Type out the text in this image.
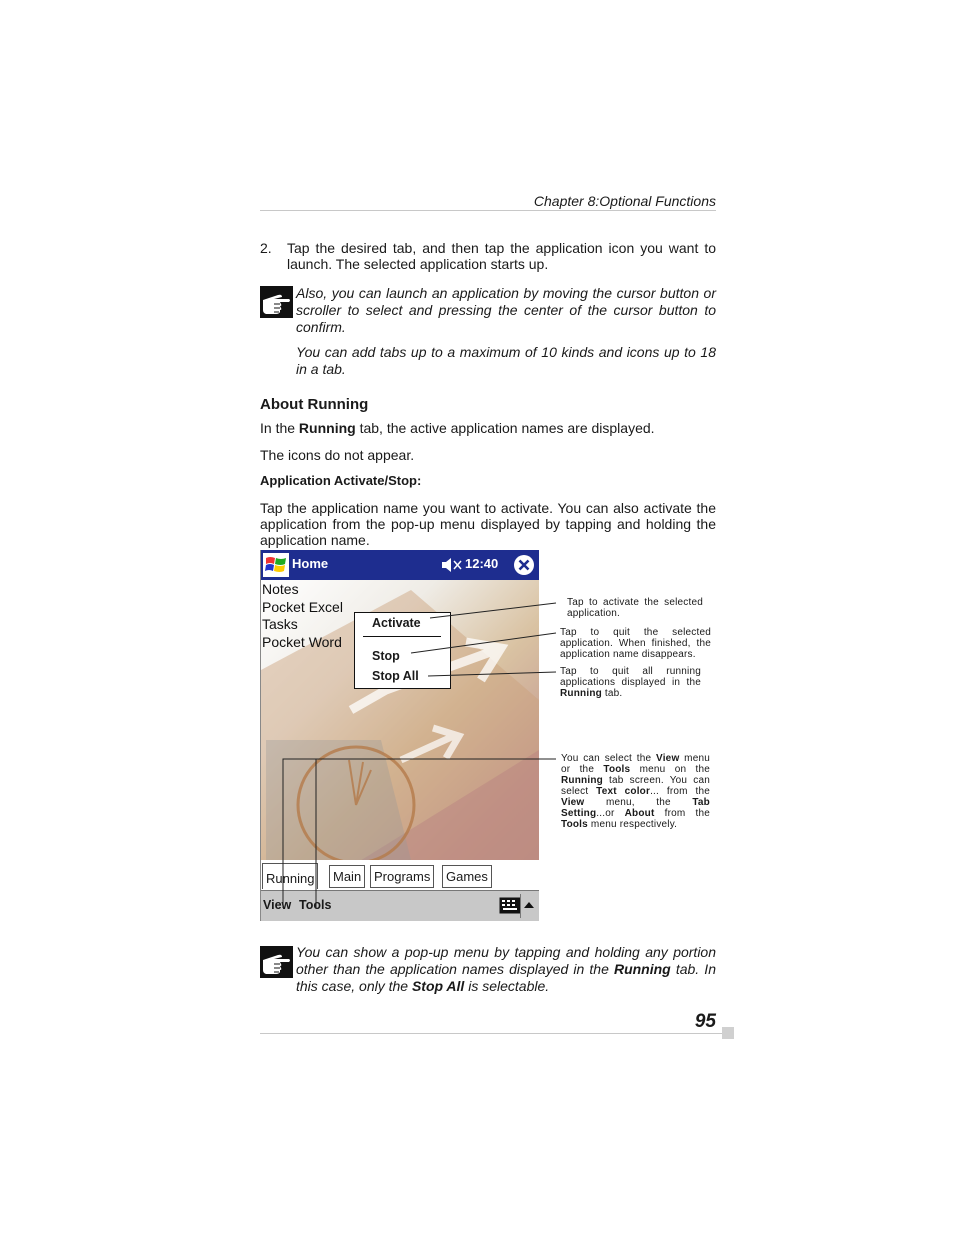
Chapter 8:Optional Functions
2. Tap the desired tab, and then tap the application icon you want to launch. The selected application starts up.
Also, you can launch an application by moving the cursor button or scroller to select and pressing the center of the cursor button to confirm.
You can add tabs up to a maximum of 10 kinds and icons up to 18 in a tab.
About Running
In the Running tab, the active application names are displayed.
The icons do not appear.
Application Activate/Stop:
Tap the application name you want to activate. You can also activate the application from the pop-up menu displayed by tapping and holding the application name.
Home	12:40
Notes
Pocket Excel
Tasks
Pocket Word
Activate
Stop
Stop All
Running	Main Programs	Games
View Tools
Tap to activate the selected application.
Tap to quit the selected application. When finished, the application name disappears.
Tap to quit all running applications displayed in the Running tab.
You can select the View menu or the Tools menu on the Running tab screen. You can select Text color... from the View menu, the Tab Setting...or About from the Tools menu respectively.
You can show a pop-up menu by tapping and holding any portion other than the application names displayed in the Running tab. In this case, only the Stop All is selectable.
95
